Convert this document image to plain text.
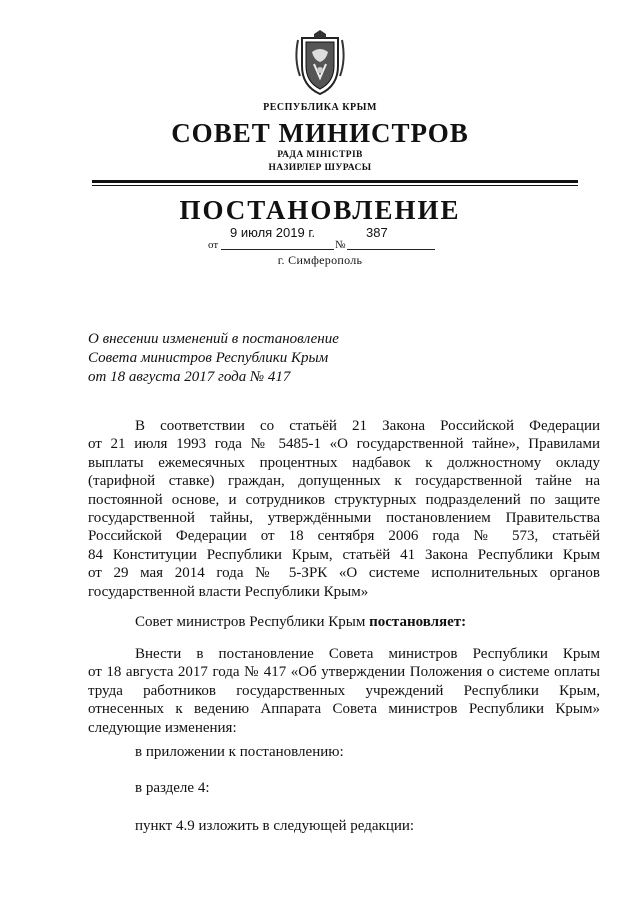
РЕСПУБЛИКА КРЫМ
СОВЕТ МИНИСТРОВ
РАДА МІНІСТРІВ
НАЗИРЛЕР ШУРАСЫ
ПОСТАНОВЛЕНИЕ
9 июля 2019 г.	387
от	№
г. Симферополь
О внесении изменений в постановление
Совета министров Республики Крым
от 18 августа 2017 года № 417
В соответствии со статьёй 21 Закона Российской Федерации
от 21 июля 1993 года № 5485-1 «О государственной тайне», Правилами
выплаты ежемесячных процентных надбавок к должностному окладу
(тарифной ставке) граждан, допущенных к государственной тайне на
постоянной основе, и сотрудников структурных подразделений по защите
государственной тайны, утверждёнными постановлением Правительства
Российской Федерации от 18 сентября 2006 года № 573, статьёй
84 Конституции Республики Крым, статьёй 41 Закона Республики Крым
от 29 мая 2014 года № 5-ЗРК «О системе исполнительных органов
государственной власти Республики Крым»
Совет министров Республики Крым постановляет:
Внести в постановление Совета министров Республики Крым
от 18 августа 2017 года № 417 «Об утверждении Положения о системе оплаты
труда работников государственных учреждений Республики Крым,
отнесенных к ведению Аппарата Совета министров Республики Крым»
следующие изменения:
в приложении к постановлению:
в разделе 4:
пункт 4.9 изложить в следующей редакции:
